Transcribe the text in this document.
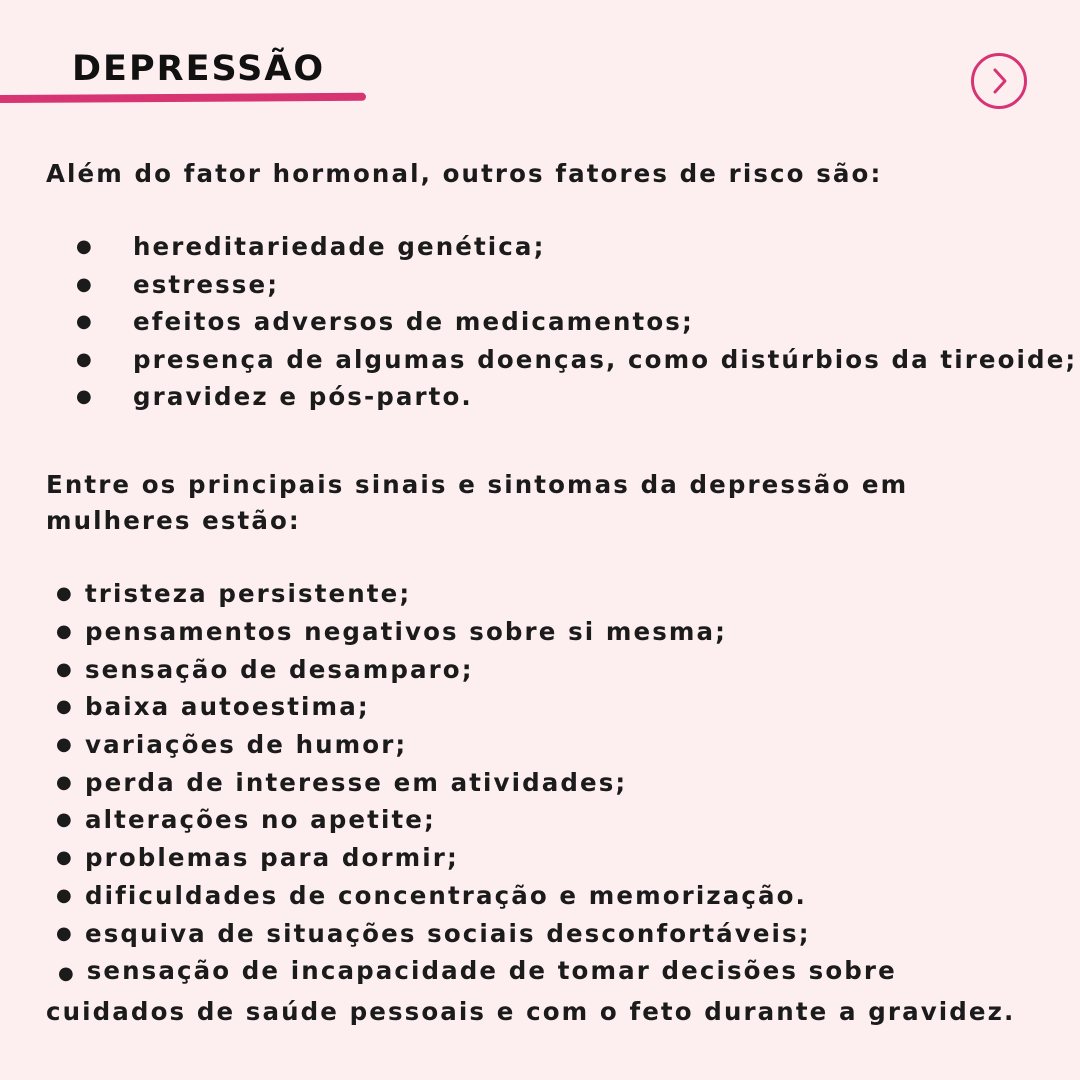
DEPRESSÃO

Além do fator hormonal, outros fatores de risco são:

●	hereditariedade genética;
●	estresse;
●	efeitos adversos de medicamentos;
●	presença de algumas doenças, como distúrbios da tireoide;
●	gravidez e pós-parto.

Entre os principais sinais e sintomas da depressão em mulheres estão:

● tristeza persistente;
● pensamentos negativos sobre si mesma;
● sensação de desamparo;
● baixa autoestima;
● variações de humor;
● perda de interesse em atividades;
● alterações no apetite;
● problemas para dormir;
● dificuldades de concentração e memorização.
● esquiva de situações sociais desconfortáveis;

● sensação de incapacidade de tomar decisões sobre cuidados de saúde pessoais e com o feto durante a gravidez.
